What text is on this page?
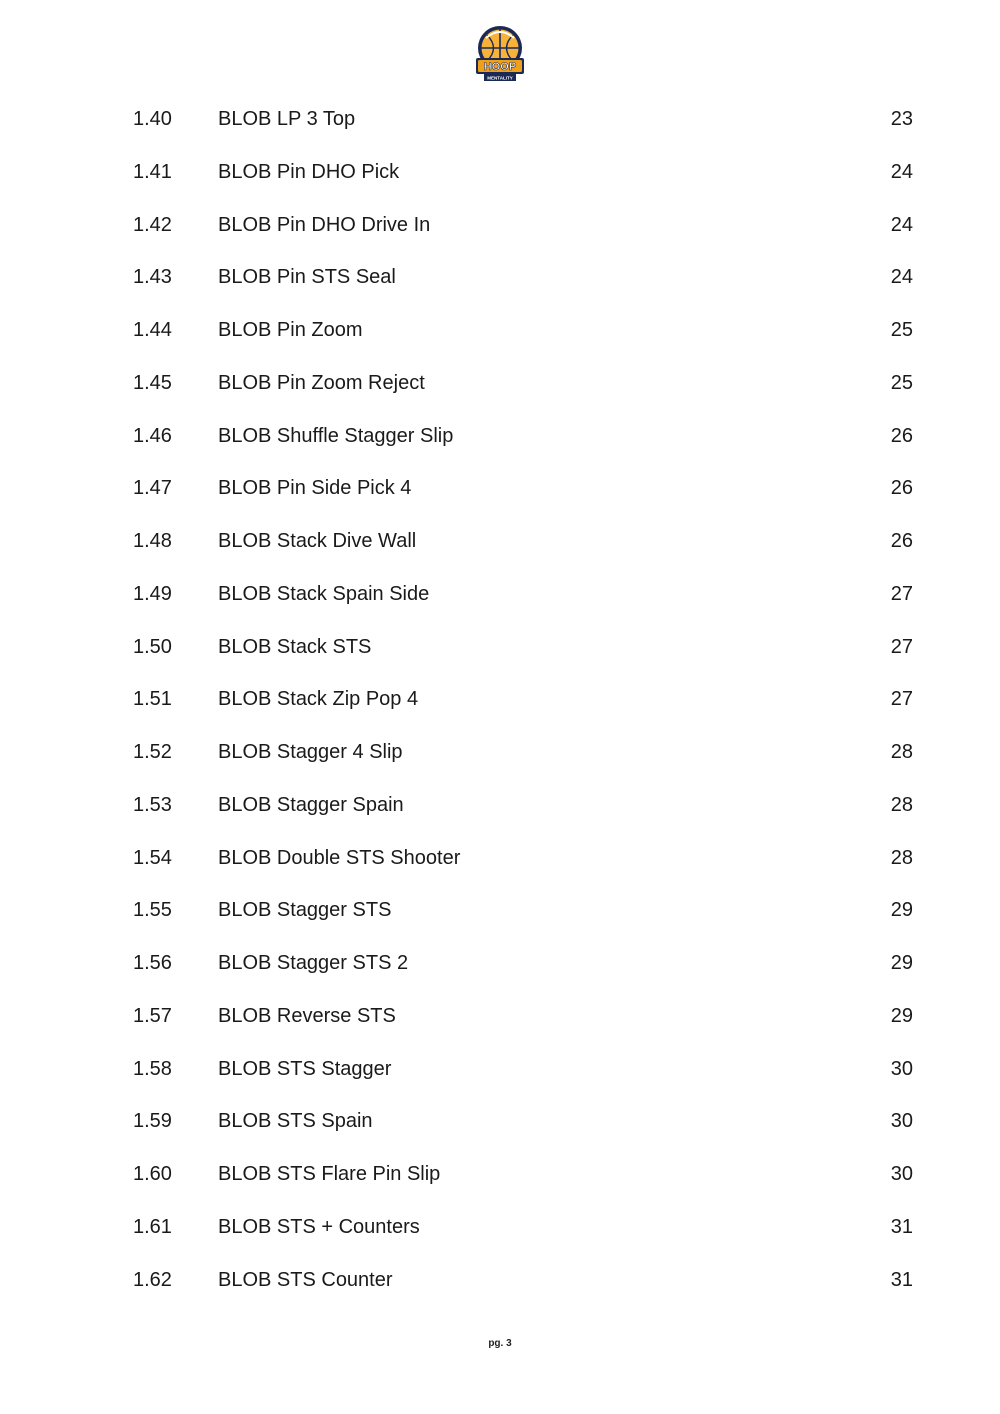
HOOP
MENTALITY
1.40 BLOB LP 3 Top	23
1.41 BLOB Pin DHO Pick	24
1.42 BLOB Pin DHO Drive In	24
1.43 BLOB Pin STS Seal	24
1.44 BLOB Pin Zoom	25
1.45 BLOB Pin Zoom Reject	25
1.46 BLOB Shuffle Stagger Slip	26
1.47 BLOB Pin Side Pick 4	26
1.48 BLOB Stack Dive Wall	26
1.49 BLOB Stack Spain Side	27
1.50 BLOB Stack STS	27
1.51 BLOB Stack Zip Pop 4	27
1.52 BLOB Stagger 4 Slip	28
1.53 BLOB Stagger Spain	28
1.54 BLOB Double STS Shooter	28
1.55 BLOB Stagger STS	29
1.56 BLOB Stagger STS 2	29
1.57 BLOB Reverse STS	29
1.58 BLOB STS Stagger	30
1.59 BLOB STS Spain	30
1.60 BLOB STS Flare Pin Slip	30
1.61 BLOB STS + Counters	31
1.62 BLOB STS Counter	31
pg. 3
